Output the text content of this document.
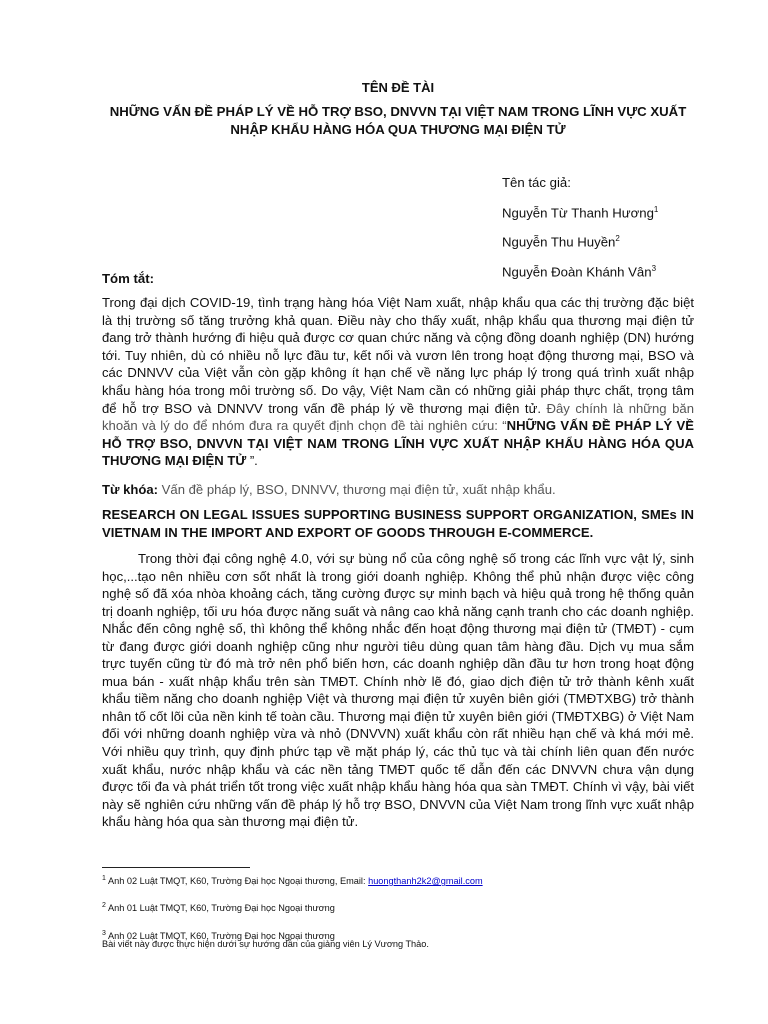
TÊN ĐỀ TÀI
NHỮNG VẤN ĐỀ PHÁP LÝ VỀ HỖ TRỢ BSO, DNVVN TẠI VIỆT NAM TRONG LĨNH VỰC XUẤT NHẬP KHẨU HÀNG HÓA QUA THƯƠNG MẠI ĐIỆN TỬ
Tên tác giả:
Nguyễn Từ Thanh Hương$^1$
Nguyễn Thu Huyền$^2$
Nguyễn Đoàn Khánh Vân$^3$
Tóm tắt:
Trong đại dịch COVID-19, tình trạng hàng hóa Việt Nam xuất, nhập khẩu qua các thị trường đặc biệt là thị trường số tăng trưởng khả quan. Điều này cho thấy xuất, nhập khẩu qua thương mại điện tử đang trở thành hướng đi hiệu quả được cơ quan chức năng và cộng đồng doanh nghiệp (DN) hướng tới. Tuy nhiên, dù có nhiều nỗ lực đầu tư, kết nối và vươn lên trong hoạt động thương mại, BSO và các DNNVV của Việt vẫn còn gặp không ít hạn chế về năng lực pháp lý trong quá trình xuất nhập khẩu hàng hóa trong môi trường số. Do vậy, Việt Nam cần có những giải pháp thực chất, trọng tâm để hỗ trợ BSO và DNNVV trong vấn đề pháp lý về thương mại điện tử. Đây chính là những băn khoăn và lý do để nhóm đưa ra quyết định chọn đề tài nghiên cứu: “NHỮNG VẤN ĐỀ PHÁP LÝ VỀ HỖ TRỢ BSO, DNVVN TẠI VIỆT NAM TRONG LĨNH VỰC XUẤT NHẬP KHẨU HÀNG HÓA QUA THƯƠNG MẠI ĐIỆN TỬ ”.
Từ khóa: Vấn đề pháp lý, BSO, DNNVV, thương mại điện tử, xuất nhập khẩu.
RESEARCH ON LEGAL ISSUES SUPPORTING BUSINESS SUPPORT ORGANIZATION, SMEs IN VIETNAM IN THE IMPORT AND EXPORT OF GOODS THROUGH E-COMMERCE.
Trong thời đại công nghệ 4.0, với sự bùng nổ của công nghệ số trong các lĩnh vực vật lý, sinh học,...tạo nên nhiều cơn sốt nhất là trong giới doanh nghiệp. Không thể phủ nhận được việc công nghệ số đã xóa nhòa khoảng cách, tăng cường được sự minh bạch và hiệu quả trong hệ thống quản trị doanh nghiệp, tối ưu hóa được năng suất và nâng cao khả năng cạnh tranh cho các doanh nghiệp. Nhắc đến công nghệ số, thì không thể không nhắc đến hoạt động thương mại điện tử (TMĐT) - cụm từ đang được giới doanh nghiệp cũng như người tiêu dùng quan tâm hàng đầu. Dịch vụ mua sắm trực tuyến cũng từ đó mà trở nên phổ biến hơn, các doanh nghiệp dần đầu tư hơn trong hoạt động mua bán - xuất nhập khẩu trên sàn TMĐT. Chính nhờ lẽ đó, giao dịch điện tử trở thành kênh xuất khẩu tiềm năng cho doanh nghiệp Việt và thương mại điện tử xuyên biên giới (TMĐTXBG) trở thành nhân tố cốt lõi của nền kinh tế toàn cầu. Thương mại điện tử xuyên biên giới (TMĐTXBG) ở Việt Nam đối với những doanh nghiệp vừa và nhỏ (DNVVN) xuất khẩu còn rất nhiều hạn chế và khá mới mẻ. Với nhiều quy trình, quy định phức tạp về mặt pháp lý, các thủ tục và tài chính liên quan đến nước xuất khẩu, nước nhập khẩu và các nền tảng TMĐT quốc tế dẫn đến các DNVVN chưa vận dụng được tối đa và phát triển tốt trong việc xuất nhập khẩu hàng hóa qua sàn TMĐT. Chính vì vậy, bài viết này sẽ nghiên cứu những vấn đề pháp lý hỗ trợ BSO, DNVVN của Việt Nam trong lĩnh vực xuất nhập khẩu hàng hóa qua sàn thương mại điện tử.
$^1$ Anh 02 Luật TMQT, K60, Trường Đại học Ngoại thương, Email: huongthanh2k2@gmail.com
$^2$ Anh 01 Luật TMQT, K60, Trường Đại học Ngoại thương
$^3$ Anh 02 Luật TMQT, K60, Trường Đại học Ngoại thương
Bài viết này được thực hiện dưới sự hướng dẫn của giảng viên Lý Vương Thảo.
